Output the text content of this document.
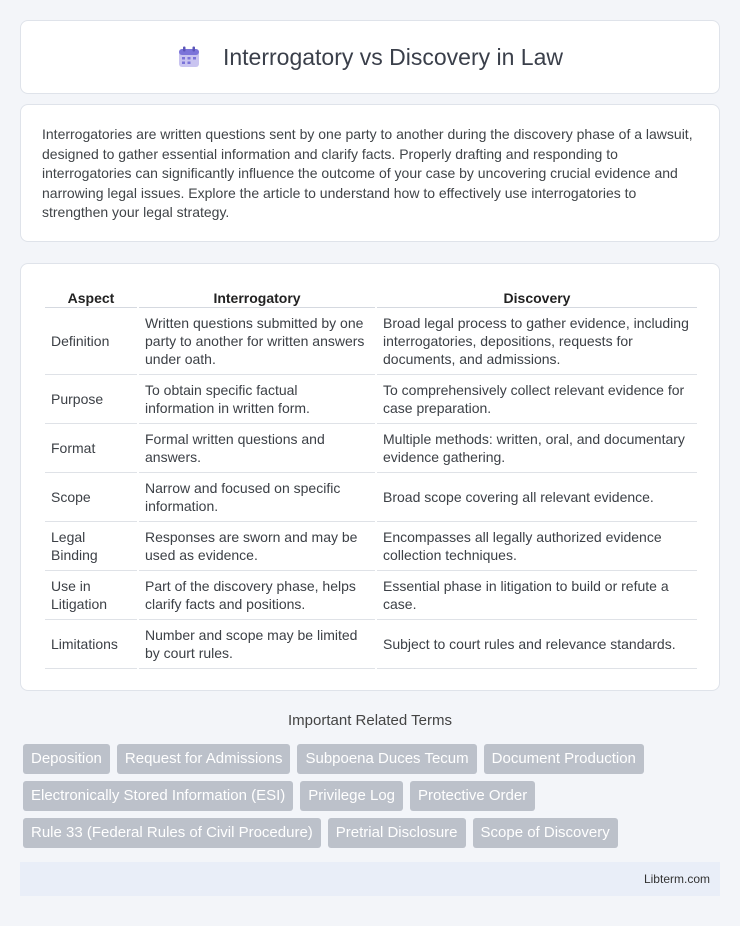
Interrogatory vs Discovery in Law

Interrogatories are written questions sent by one party to another during the discovery phase of a lawsuit, designed to gather essential information and clarify facts. Properly drafting and responding to interrogatories can significantly influence the outcome of your case by uncovering crucial evidence and narrowing legal issues. Explore the article to understand how to effectively use interrogatories to strengthen your legal strategy.

Aspect	Interrogatory	Discovery
Definition	Written questions submitted by one party to another for written answers under oath.	Broad legal process to gather evidence, including interrogatories, depositions, requests for documents, and admissions.
Purpose	To obtain specific factual information in written form.	To comprehensively collect relevant evidence for case preparation.
Format	Formal written questions and answers.	Multiple methods: written, oral, and documentary evidence gathering.
Scope	Narrow and focused on specific information.	Broad scope covering all relevant evidence.
Legal Binding	Responses are sworn and may be used as evidence.	Encompasses all legally authorized evidence collection techniques.
Use in Litigation	Part of the discovery phase, helps clarify facts and positions.	Essential phase in litigation to build or refute a case.
Limitations	Number and scope may be limited by court rules.	Subject to court rules and relevance standards.
Important Related Terms
Deposition	Request for Admissions	Subpoena Duces Tecum	Document Production
Electronically Stored Information (ESI)	Privilege Log	Protective Order
Rule 33 (Federal Rules of Civil Procedure)	Pretrial Disclosure	Scope of Discovery
Libterm.com
